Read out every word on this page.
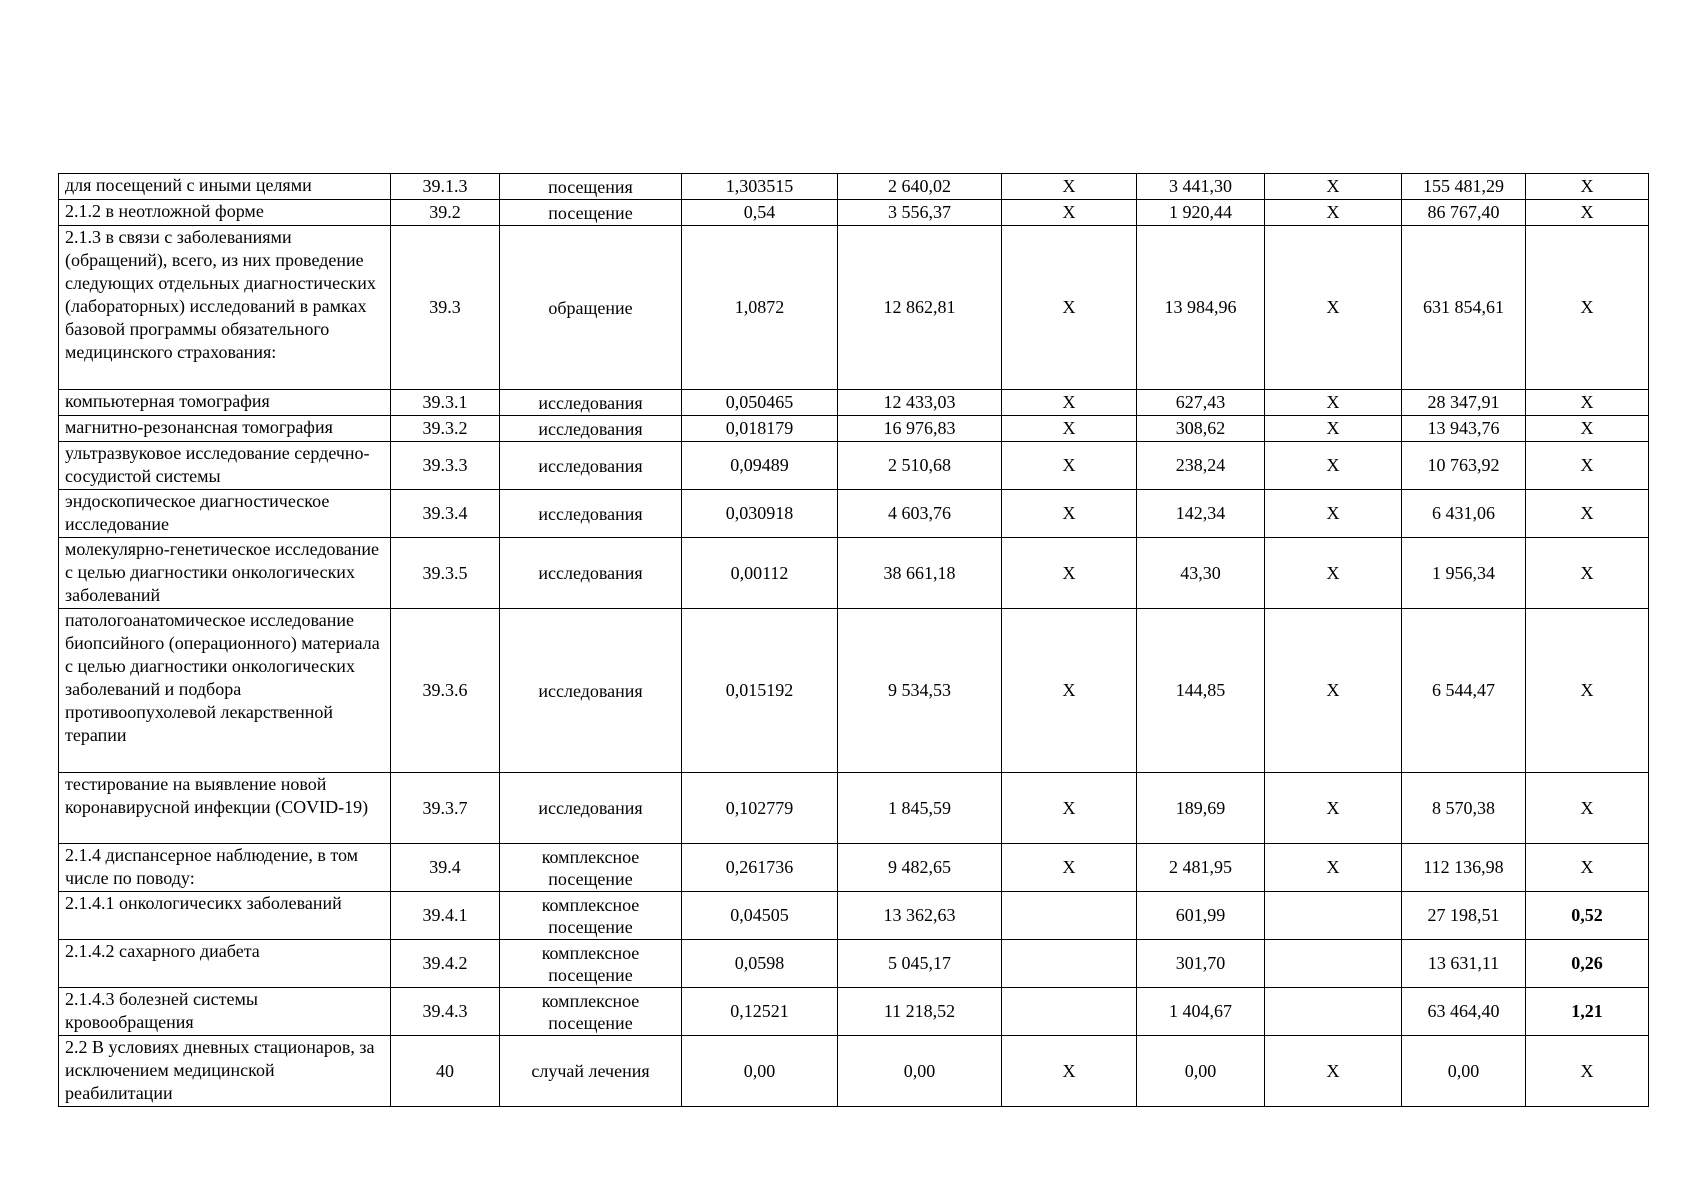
для посещений с иными целями	39.1.3	посещения	1,303515	2 640,02	X	3 441,30	X	155 481,29	X
2.1.2 в неотложной форме	39.2	посещение	0,54	3 556,37	X	1 920,44	X	86 767,40	X
2.1.3 в связи с заболеваниями (обращений), всего, из них проведение следующих отдельных диагностических (лабораторных) исследований в рамках базовой программы обязательного медицинского страхования:	39.3	обращение	1,0872	12 862,81	X	13 984,96	X	631 854,61	X
компьютерная томография	39.3.1	исследования	0,050465	12 433,03	X	627,43	X	28 347,91	X
магнитно-резонансная томография	39.3.2	исследования	0,018179	16 976,83	X	308,62	X	13 943,76	X
ультразвуковое исследование сердечно-сосудистой системы	39.3.3	исследования	0,09489	2 510,68	X	238,24	X	10 763,92	X
эндоскопическое диагностическое исследование	39.3.4	исследования	0,030918	4 603,76	X	142,34	X	6 431,06	X
молекулярно-генетическое исследование с целью диагностики онкологических заболеваний	39.3.5	исследования	0,00112	38 661,18	X	43,30	X	1 956,34	X
патологоанатомическое исследование биопсийного (операционного) материала с целью диагностики онкологических заболеваний и подбора противоопухолевой лекарственной терапии	39.3.6	исследования	0,015192	9 534,53	X	144,85	X	6 544,47	X
тестирование на выявление новой коронавирусной инфекции (COVID-19)	39.3.7	исследования	0,102779	1 845,59	X	189,69	X	8 570,38	X
2.1.4 диспансерное наблюдение, в том числе по поводу:	39.4	комплексное посещение	0,261736	9 482,65	X	2 481,95	X	112 136,98	X
2.1.4.1 онкологичесикх заболеваний	39.4.1	комплексное посещение	0,04505	13 362,63		601,99		27 198,51	0,52
2.1.4.2 сахарного диабета	39.4.2	комплексное посещение	0,0598	5 045,17		301,70		13 631,11	0,26
2.1.4.3 болезней системы кровообращения	39.4.3	комплексное посещение	0,12521	11 218,52		1 404,67		63 464,40	1,21
2.2 В условиях дневных стационаров, за исключением медицинской реабилитации	40	случай лечения	0,00	0,00	X	0,00	X	0,00	X
